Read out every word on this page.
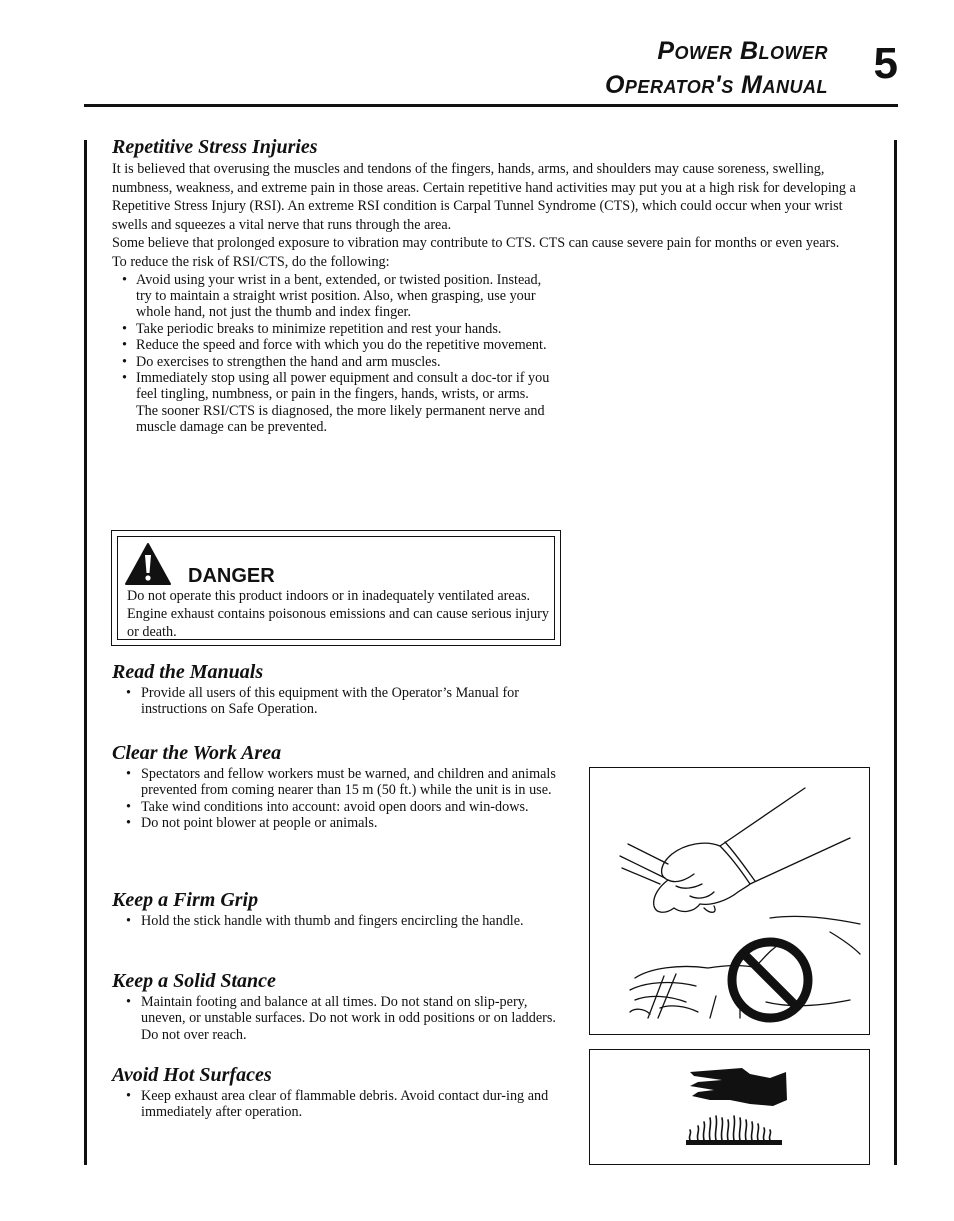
Power Blower
Operator's Manual 5
Repetitive Stress Injuries

It is believed that overusing the muscles and tendons of the fingers, hands, arms, and shoulders may cause soreness, swelling, numbness, weakness, and extreme pain in those areas. Certain repetitive hand activities may put you at a high risk for developing a Repetitive Stress Injury (RSI). An extreme RSI condition is Carpal Tunnel Syndrome (CTS), which could occur when your wrist swells and squeezes a vital nerve that runs through the area.

Some believe that prolonged exposure to vibration may contribute to CTS. CTS can cause severe pain for months or even years.

To reduce the risk of RSI/CTS, do the following:

• Avoid using your wrist in a bent, extended, or twisted position. Instead, try to maintain a straight wrist position. Also, when grasping, use your whole hand, not just the thumb and index finger.
• Take periodic breaks to minimize repetition and rest your hands.
• Reduce the speed and force with which you do the repetitive movement.
• Do exercises to strengthen the hand and arm muscles.
• Immediately stop using all power equipment and consult a doc-tor if you feel tingling, numbness, or pain in the fingers, hands, wrists, or arms. The sooner RSI/CTS is diagnosed, the more likely permanent nerve and muscle damage can be prevented.
DANGER
Do not operate this product indoors or in inadequately ventilated areas. Engine exhaust contains poisonous emissions and can cause serious injury or death.
Read the Manuals
• Provide all users of this equipment with the Operator’s Manual for instructions on Safe Operation.
Clear the Work Area
• Spectators and fellow workers must be warned, and children and animals prevented from coming nearer than 15 m (50 ft.) while the unit is in use.
• Take wind conditions into account: avoid open doors and win-dows.
• Do not point blower at people or animals.
Keep a Firm Grip
• Hold the stick handle with thumb and fingers encircling the handle.
Keep a Solid Stance
• Maintain footing and balance at all times. Do not stand on slip-pery, uneven, or unstable surfaces. Do not work in odd positions or on ladders. Do not over reach.
Avoid Hot Surfaces
• Keep exhaust area clear of flammable debris. Avoid contact dur-ing and immediately after operation.
